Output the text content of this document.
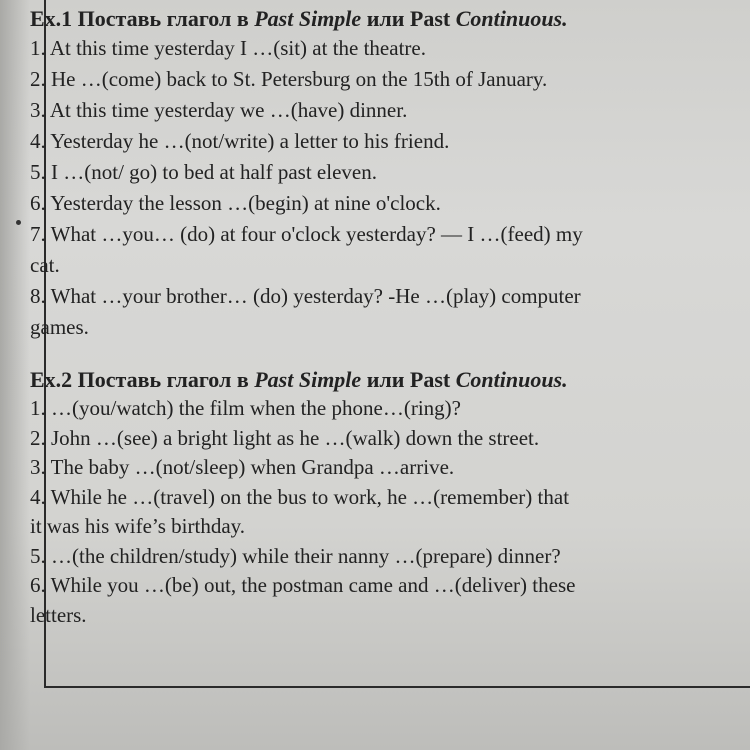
Ex.1 Поставь глагол в Past Simple или Past Continuous.
1. At this time yesterday I …(sit) at the theatre.
2. He …(come) back to St. Petersburg on the 15th of January.
3. At this time yesterday we …(have) dinner.
4. Yesterday he …(not/write) a letter to his friend.
5. I …(not/ go) to bed at half past eleven.
6. Yesterday the lesson …(begin) at nine o'clock.
7. What …you… (do) at four o'clock yesterday? — I …(feed) my
cat.
8. What …your brother… (do) yesterday? -He …(play) computer
games.
Ex.2 Поставь глагол в Past Simple или Past Continuous.
1. …(you/watch) the film when the phone…(ring)?
2. John …(see) a bright light as he …(walk) down the street.
3. The baby …(not/sleep) when Grandpa …arrive.
4. While he …(travel) on the bus to work, he …(remember) that
it was his wife’s birthday.
5. …(the children/study) while their nanny …(prepare) dinner?
6. While you …(be) out, the postman came and …(deliver) these
letters.
